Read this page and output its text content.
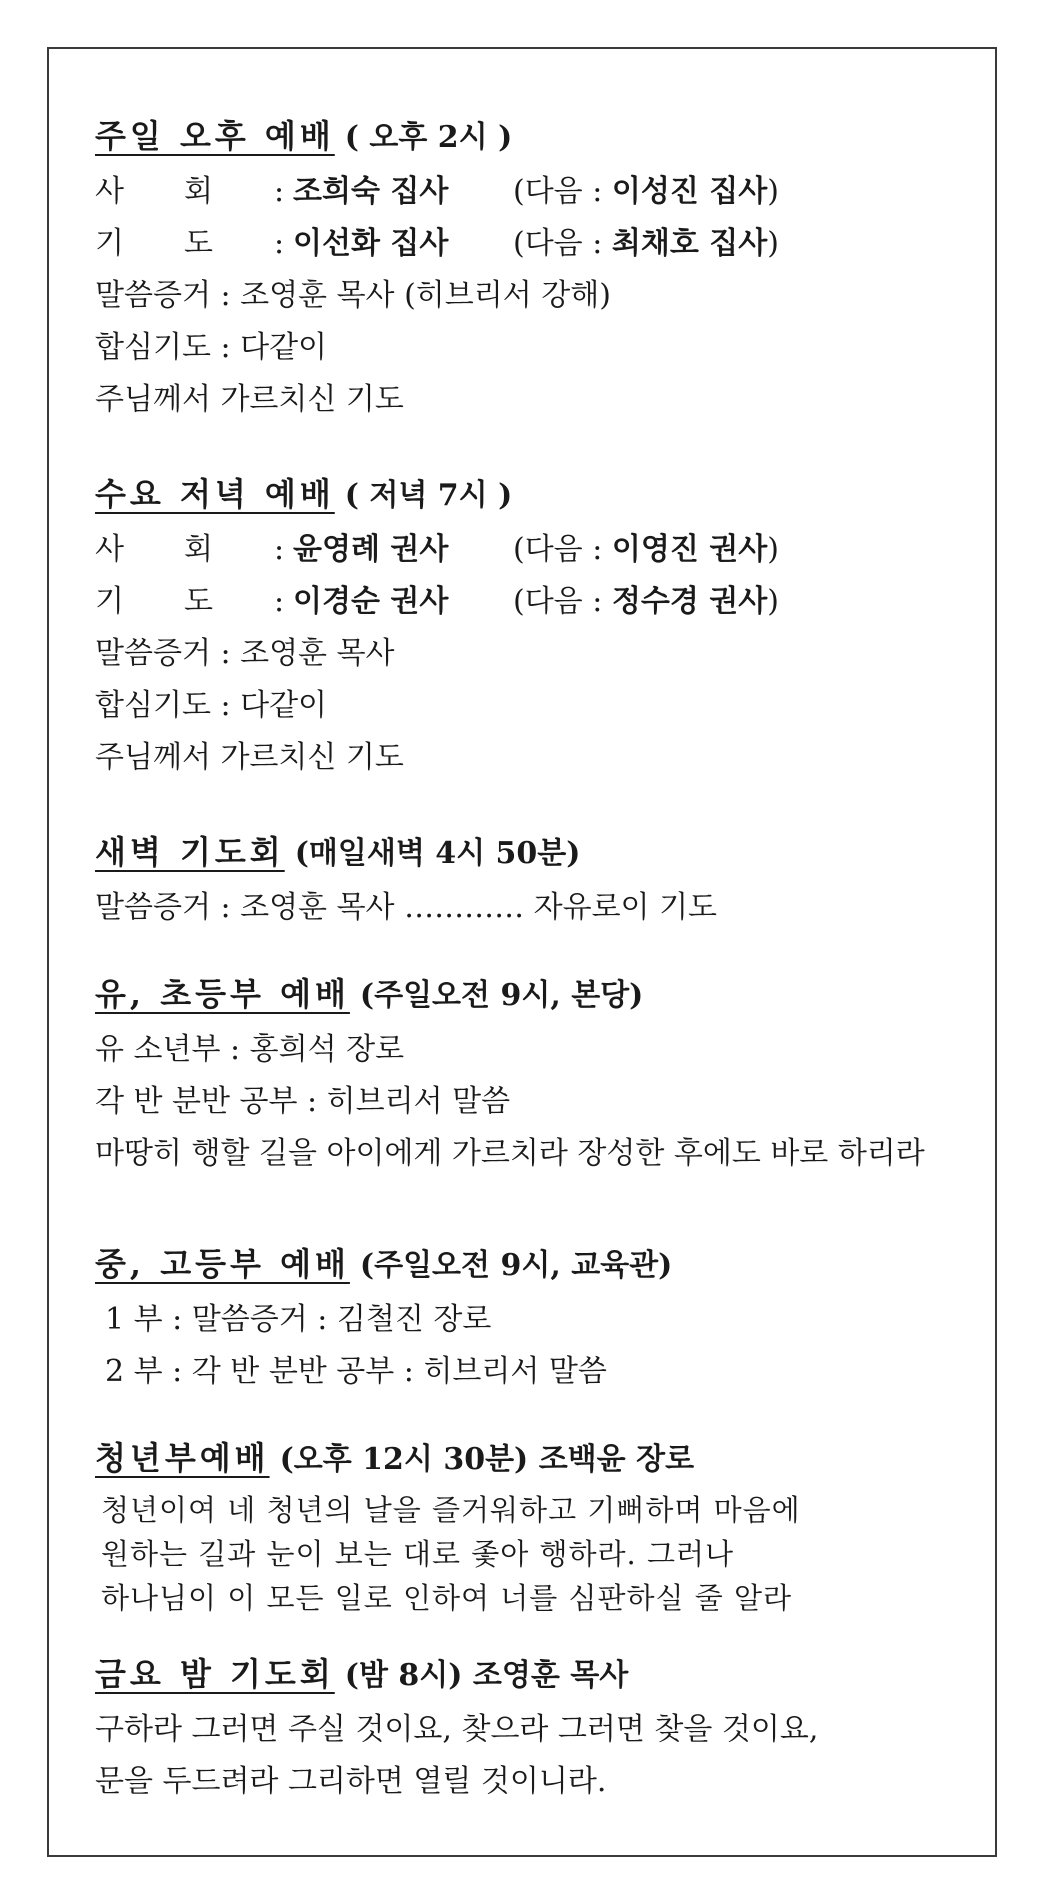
주일 오후 예배 ( 오후 2시 )
사　　회 : 조희숙 집사 (다음 : 이성진 집사)
기　　도 : 이선화 집사 (다음 : 최채호 집사)
말씀증거 : 조영훈 목사 (히브리서 강해)
합심기도 : 다같이
주님께서 가르치신 기도
수요 저녁 예배 ( 저녁 7시 )
사　　회 : 윤영례 권사 (다음 : 이영진 권사)
기　　도 : 이경순 권사 (다음 : 정수경 권사)
말씀증거 : 조영훈 목사
합심기도 : 다같이
주님께서 가르치신 기도
새벽 기도회 (매일새벽 4시 50분)
말씀증거 : 조영훈 목사 ………… 자유로이 기도
유, 초등부 예배 (주일오전 9시, 본당)
유 소년부 : 홍희석 장로
각 반 분반 공부 : 히브리서 말씀
마땅히 행할 길을 아이에게 가르치라 장성한 후에도 바로 하리라
중, 고등부 예배 (주일오전 9시, 교육관)
1 부 : 말씀증거 : 김철진 장로
2 부 : 각 반 분반 공부 : 히브리서 말씀
청년부예배 (오후 12시 30분) 조백윤 장로
청년이여 네 청년의 날을 즐거워하고 기뻐하며 마음에
원하는 길과 눈이 보는 대로 좇아 행하라. 그러나
하나님이 이 모든 일로 인하여 너를 심판하실 줄 알라
금요 밤 기도회 (밤 8시) 조영훈 목사
구하라 그러면 주실 것이요, 찾으라 그러면 찾을 것이요,
문을 두드려라 그리하면 열릴 것이니라.
